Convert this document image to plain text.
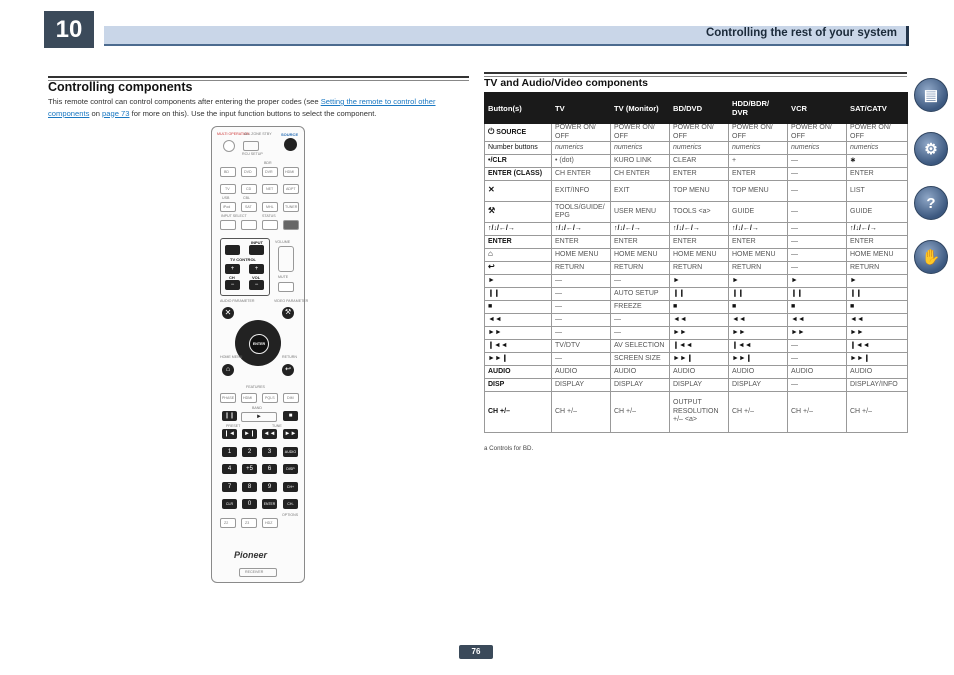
10	Controlling the rest of your system
Controlling components
This remote control can control components after entering the proper codes (see Setting the remote to control other components on page 73 for more on this). Use the input function buttons to select the component.
MULTI OPERATION
ALL ZONE STBY SOURCE
RCU SETUP
BDR
BD	DVD	DVR	HDMI
TV	CD	NET	ADPT
USB	CBL
iPod	SAT	MHL	TUNER
INPUT SELECT	STATUS
INPUT	VOLUME
TV CONTROL
+	+
CH	VOL
−	−
MUTE
AUDIO PARAMETER	VIDEO PARAMETER
✕	⚒
ENTER
HOME MENU	RETURN
⌂	↩
FEATURES
PHASE HDMI	PQLS	DIM
BAND
❙❙	►	■
PRESET	TUNE
❙◄	►❙	◄◄ ►►
1	2	3	AUDIO
4	+5	6	DISP
7	8	9	CH+
CLR	0	ENTER	CH-
Z2	Z3	HDZ
OPTIONS
Pioneer
RECEIVER
TV and Audio/Video components
Button(s)	TV	TV (Monitor)	BD/DVD	HDD/BDR/ DVR	VCR	SAT/CATV
⏻ SOURCE	POWER ON/ OFF	POWER ON/ OFF	POWER ON/ OFF	POWER ON/ OFF	POWER ON/ OFF	POWER ON/ OFF
Number buttons	numerics	numerics	numerics	numerics	numerics	numerics
•/CLR	• (dot)	KURO LINK	CLEAR	+	—	∗
ENTER (CLASS)	CH ENTER	CH ENTER	ENTER	ENTER	—	ENTER
✕	EXIT/INFO	EXIT	TOP MENU	TOP MENU	—	LIST
⚒	TOOLS/GUIDE/ EPG	USER MENU	TOOLS <a>	GUIDE	—	GUIDE
↑/↓/←/→	↑/↓/←/→	↑/↓/←/→	↑/↓/←/→	↑/↓/←/→	—	↑/↓/←/→
ENTER	ENTER	ENTER	ENTER	ENTER	—	ENTER
⌂	HOME MENU	HOME MENU	HOME MENU	HOME MENU	—	HOME MENU
↩	RETURN	RETURN	RETURN	RETURN	—	RETURN
►	—	—	►	►	►	►
❙❙	—	AUTO SETUP	❙❙	❙❙	❙❙	❙❙
■	—	FREEZE	■	■	■	■
◄◄	—	—	◄◄	◄◄	◄◄	◄◄
►►	—	—	►►	►►	►►	►►
❙◄◄	TV/DTV	AV SELECTION	❙◄◄	❙◄◄	—	❙◄◄
►►❙	—	SCREEN SIZE	►►❙	►►❙	—	►►❙
AUDIO	AUDIO	AUDIO	AUDIO	AUDIO	AUDIO	AUDIO
DISP	DISPLAY	DISPLAY	DISPLAY	DISPLAY	—	DISPLAY/INFO
CH +/–	CH +/–	CH +/–	OUTPUT RESOLUTION +/– <a>	CH +/–	CH +/–	CH +/–
a Controls for BD.
76
▤
⚙
?
✋
